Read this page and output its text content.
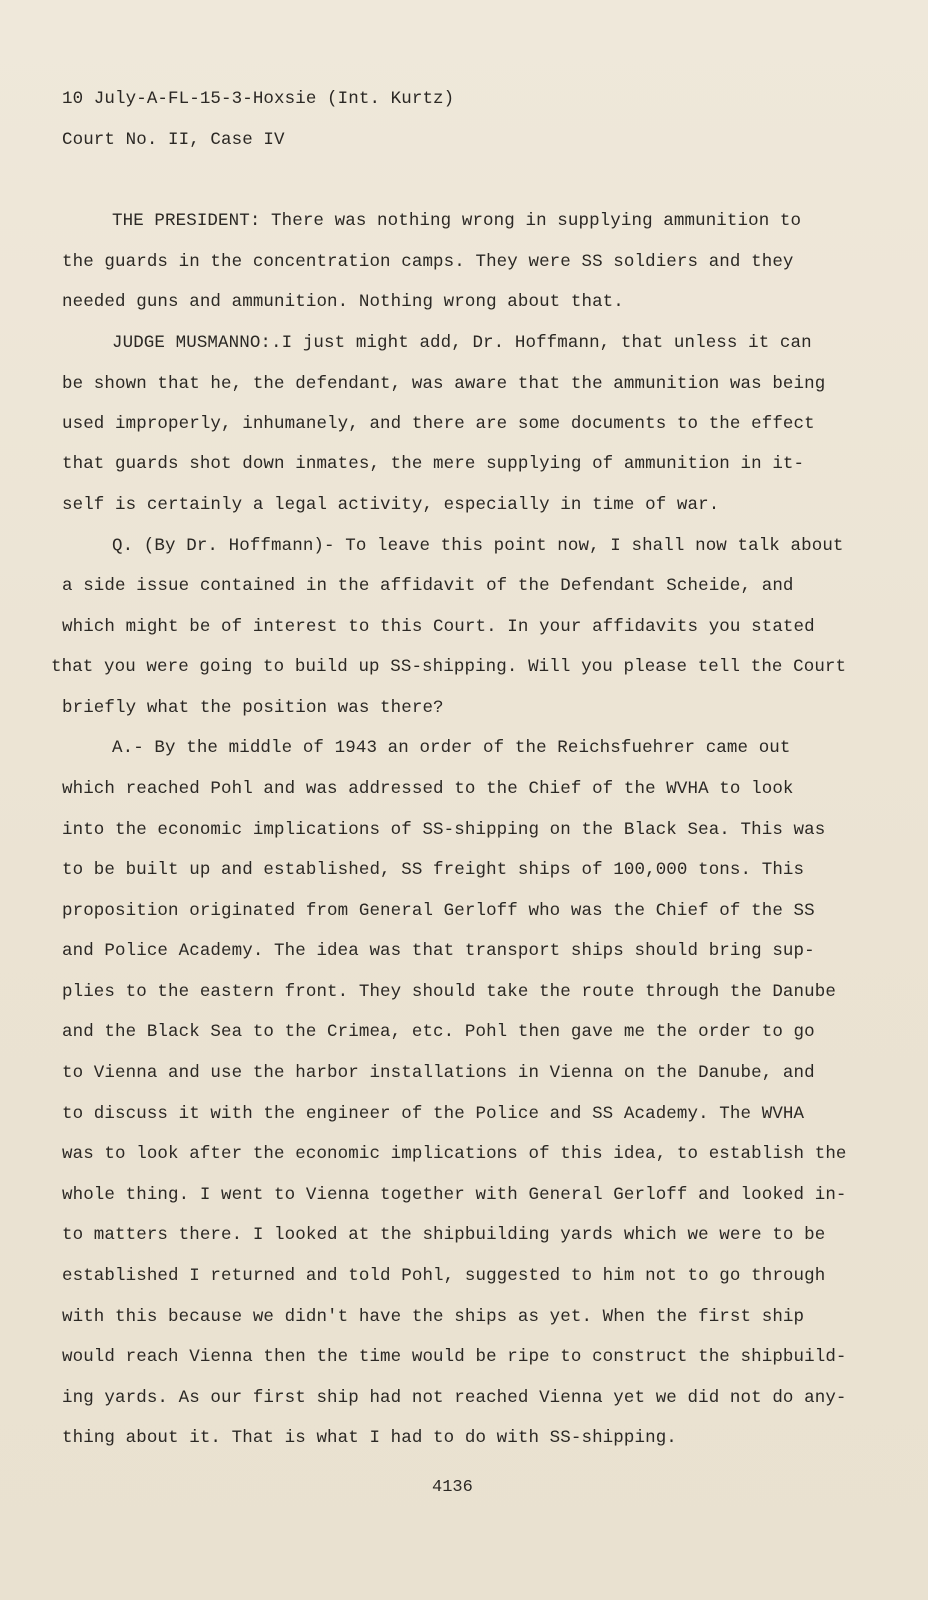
10 July-A-FL-15-3-Hoxsie (Int. Kurtz)
Court No. II, Case IV
THE PRESIDENT: There was nothing wrong in supplying ammunition to
the guards in the concentration camps. They were SS soldiers and they
needed guns and ammunition. Nothing wrong about that.
JUDGE MUSMANNO:.I just might add, Dr. Hoffmann, that unless it can
be shown that he, the defendant, was aware that the ammunition was being
used improperly, inhumanely, and there are some documents to the effect
that guards shot down inmates, the mere supplying of ammunition in it-
self is certainly a legal activity, especially in time of war.
Q. (By Dr. Hoffmann)- To leave this point now, I shall now talk about
a side issue contained in the affidavit of the Defendant Scheide, and
which might be of interest to this Court. In your affidavits you stated
that you were going to build up SS-shipping. Will you please tell the Court
briefly what the position was there?
A.- By the middle of 1943 an order of the Reichsfuehrer came out
which reached Pohl and was addressed to the Chief of the WVHA to look
into the economic implications of SS-shipping on the Black Sea. This was
to be built up and established, SS freight ships of 100,000 tons. This
proposition originated from General Gerloff who was the Chief of the SS
and Police Academy. The idea was that transport ships should bring sup-
plies to the eastern front. They should take the route through the Danube
and the Black Sea to the Crimea, etc. Pohl then gave me the order to go
to Vienna and use the harbor installations in Vienna on the Danube, and
to discuss it with the engineer of the Police and SS Academy. The WVHA
was to look after the economic implications of this idea, to establish the
whole thing. I went to Vienna together with General Gerloff and looked in-
to matters there. I looked at the shipbuilding yards which we were to be
established I returned and told Pohl, suggested to him not to go through
with this because we didn't have the ships as yet. When the first ship
would reach Vienna then the time would be ripe to construct the shipbuild-
ing yards. As our first ship had not reached Vienna yet we did not do any-
thing about it. That is what I had to do with SS-shipping.
4136
